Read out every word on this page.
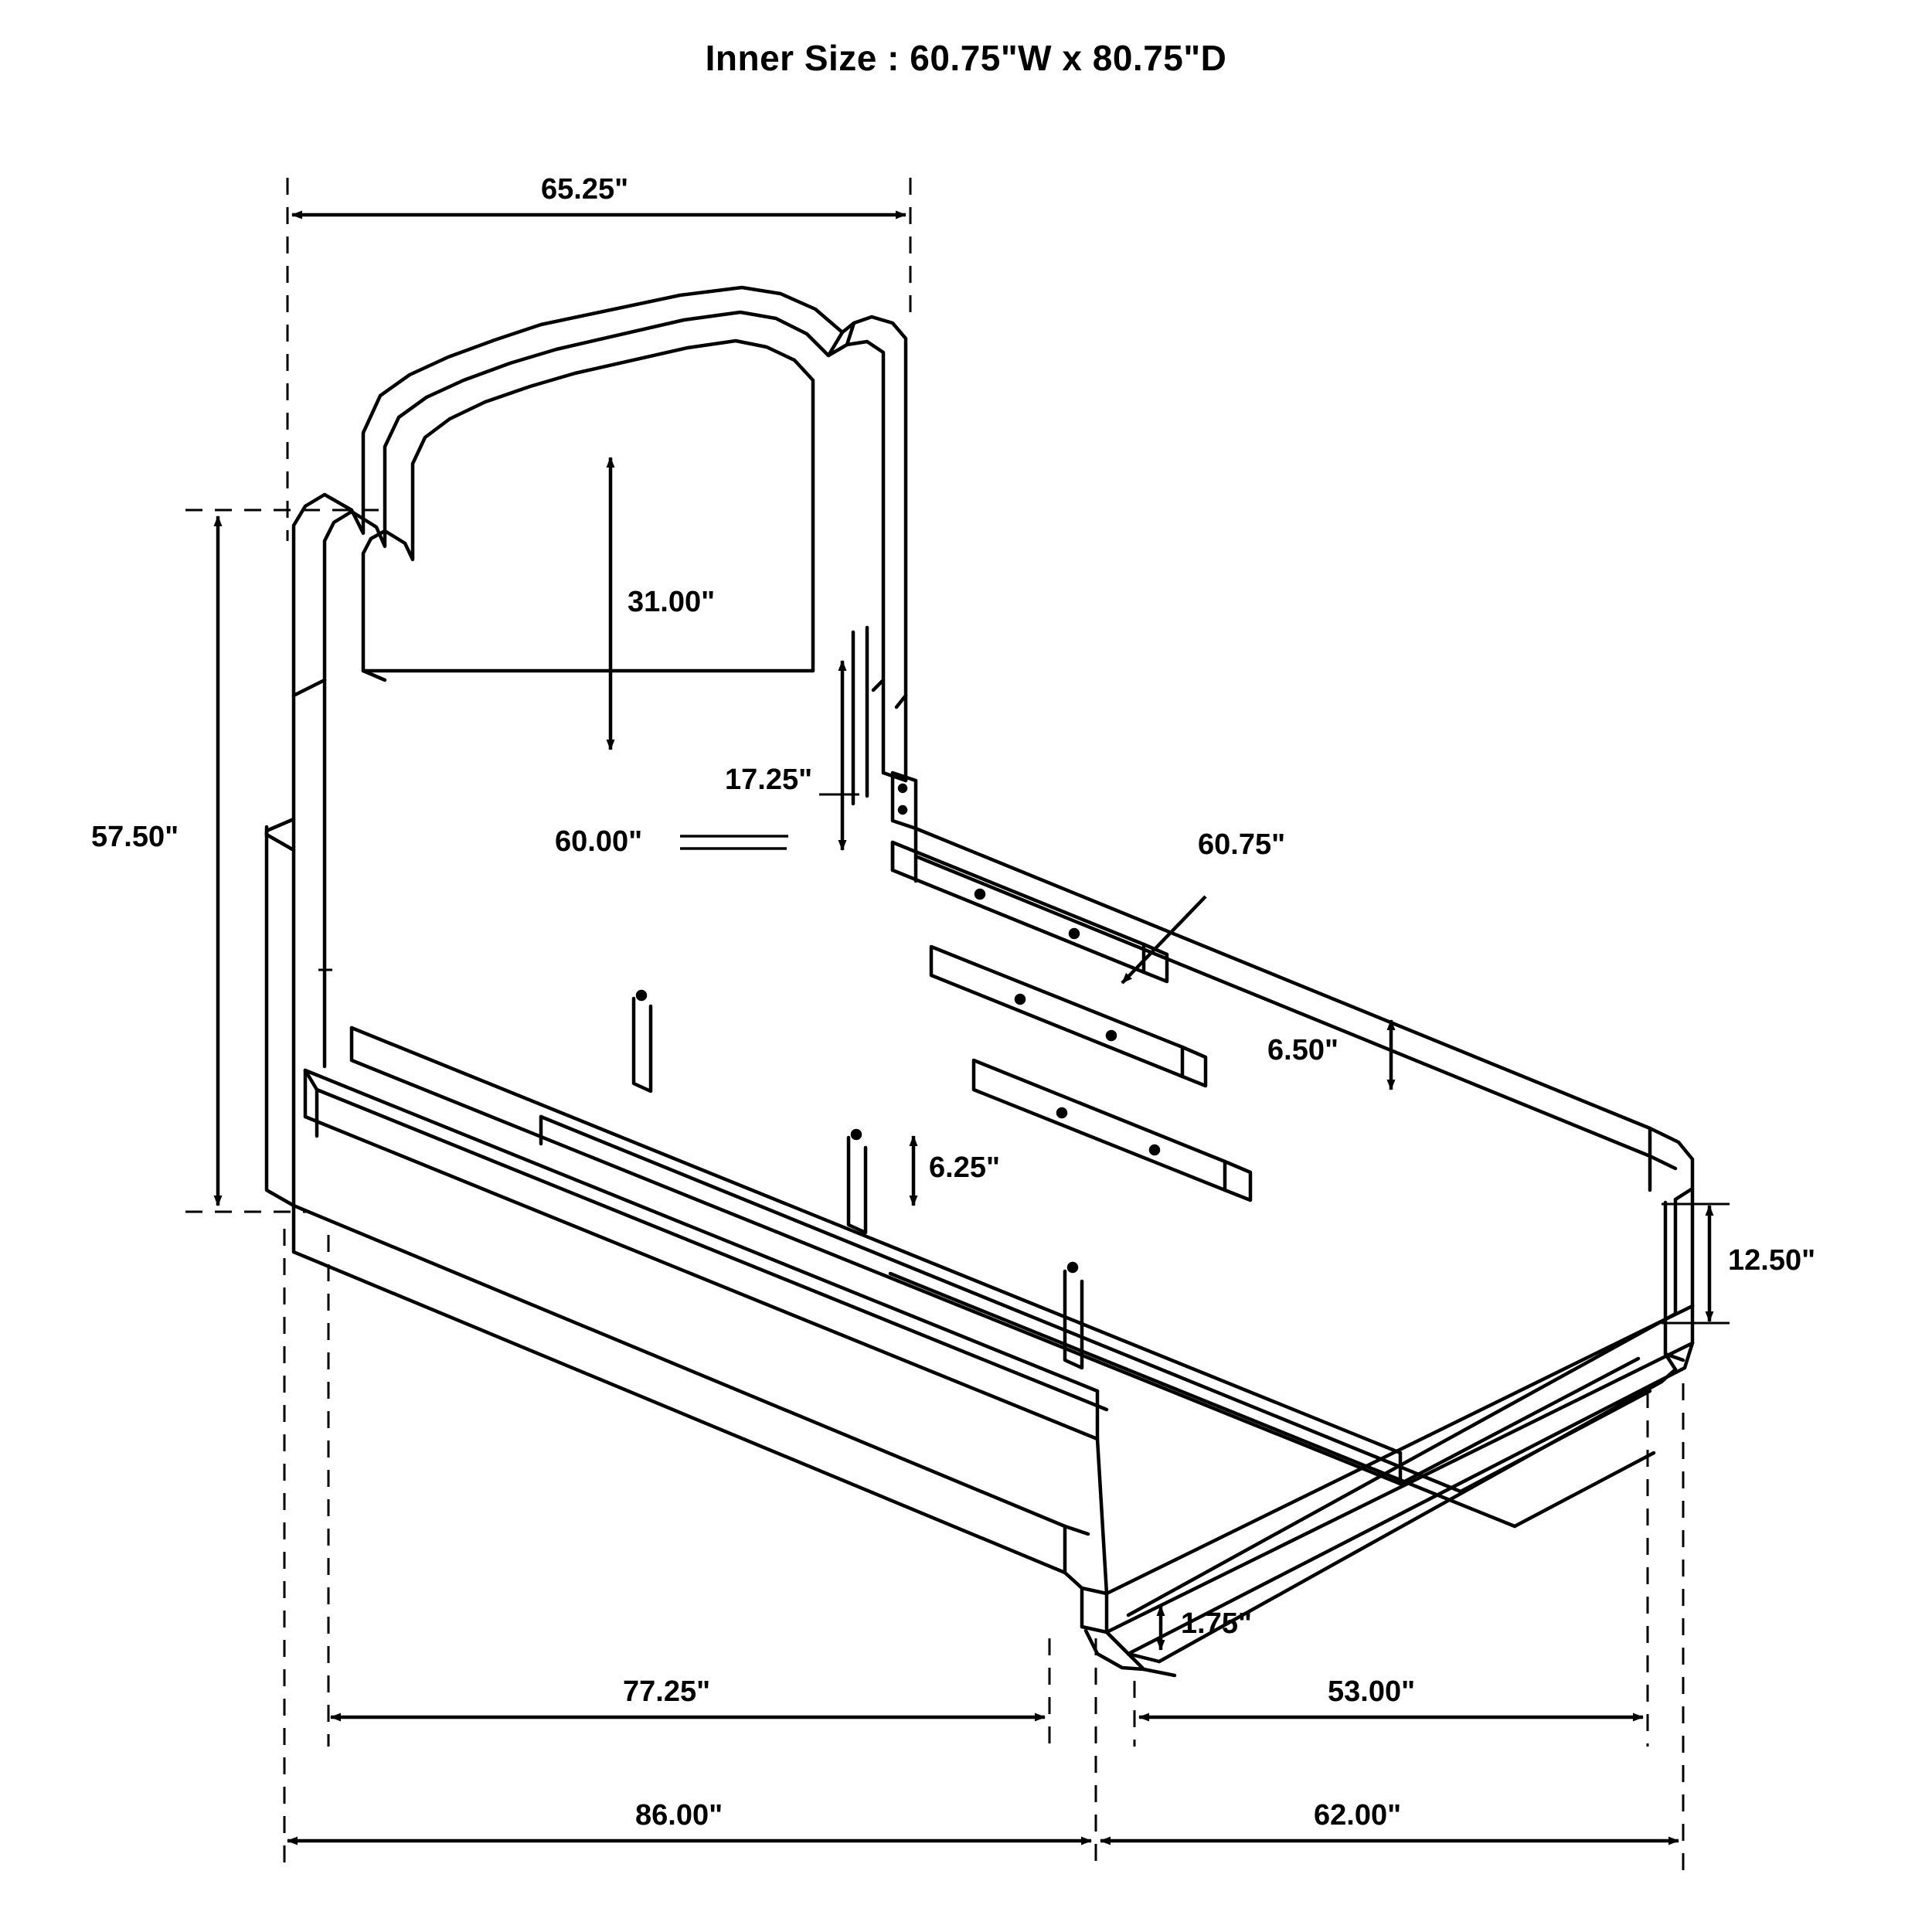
Inner Size : 60.75"W x 80.75"D
65.25"
31.00"
17.25"
60.00"
57.50"	60.75"
6.50"
6.25"
12.50"
1.75"
77.25"	53.00"
86.00"	62.00"
